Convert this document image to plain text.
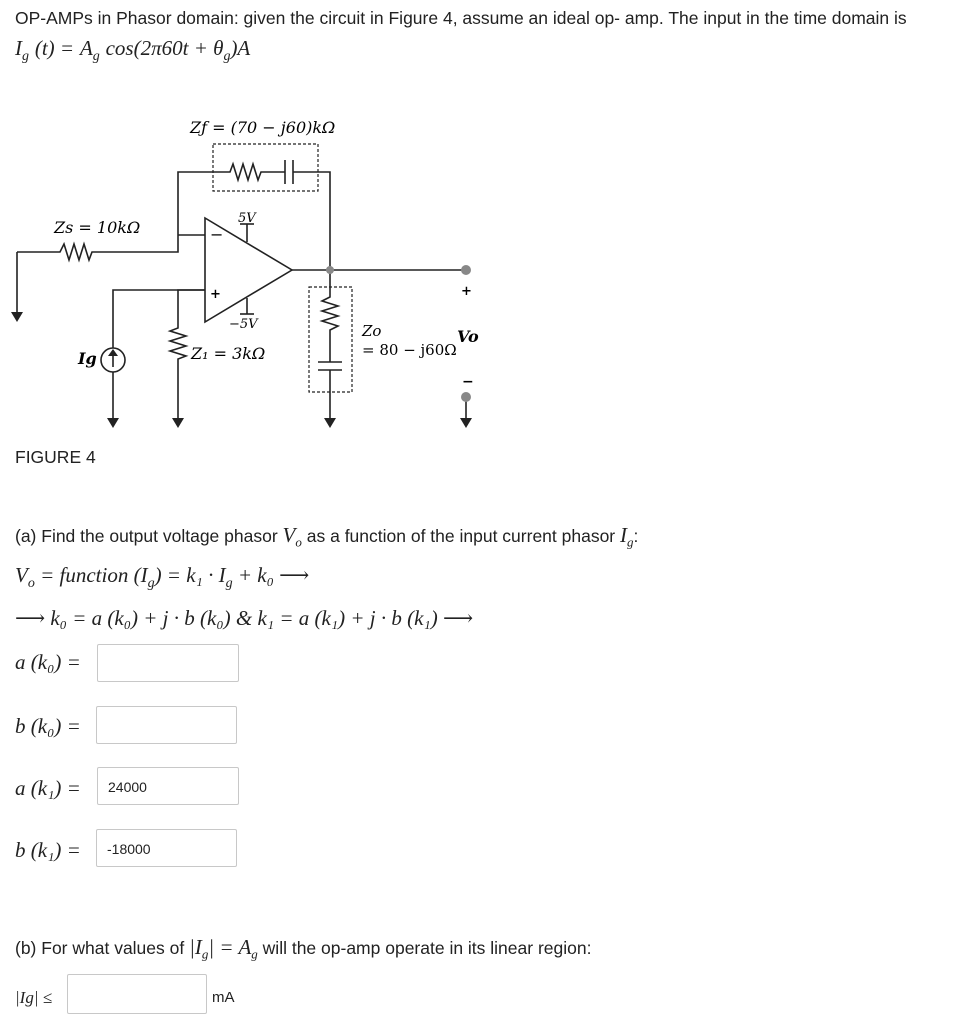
OP-AMPs in Phasor domain: given the circuit in Figure 4, assume an ideal op- amp. The input in the time domain is
$I_g$ $(t) = A_g$ $\cos(2\pi 60t + \theta_g)A$
Zƒ = (70 − j60)kΩ
Zs = 10kΩ	5V
−5V
−
+
Z₁ = 3kΩ
Ig
Zo
= 80 − j60Ω
Vo
+
−
FIGURE 4
(a) Find the output voltage phasor $V_o$ as a function of the input current phasor $I_g$:
$V_o$ = function $(I_g) = k_1 \cdot I_g + k_0$ ⟶
⟶ k₀ = a (k₀) + j · b (k₀) & k₁ = a (k₁) + j · b (k₁) ⟶
a (k₀) =
b (k₀) =
a (k₁) =	24000
b (k₁) =	-18000
(b) For what values of $|I_g| = A_g$ will the op-amp operate in its linear region:
|Ig| ≤	mA
